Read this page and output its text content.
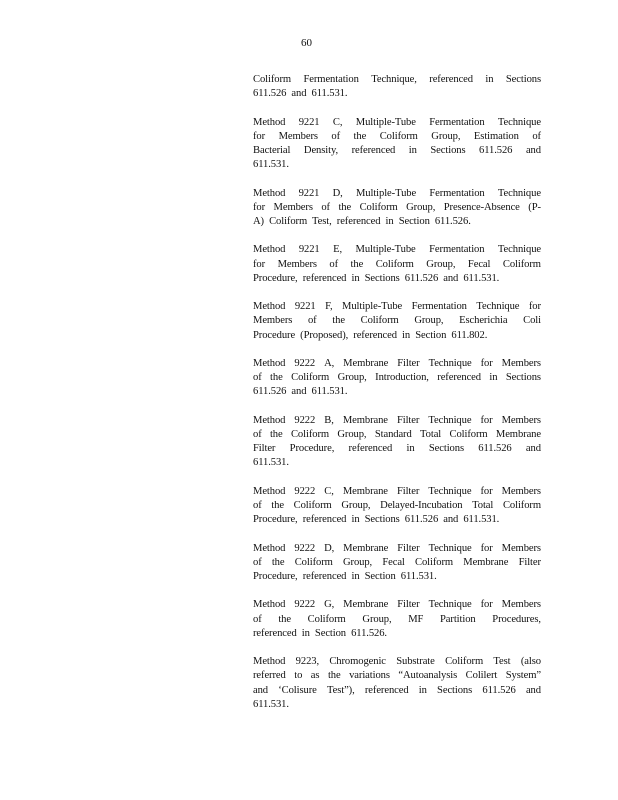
60
Coliform Fermentation Technique, referenced in Sections
611.526  and  611.531.
Method 9221 C, Multiple-Tube Fermentation Technique
for Members of the Coliform Group, Estimation of
Bacterial Density, referenced in Sections 611.526 and
611.531.
Method 9221 D, Multiple-Tube Fermentation Technique
for Members of the Coliform Group, Presence-Absence (P-
A)  Coliform  Test,  referenced  in  Section  611.526.
Method 9221 E, Multiple-Tube Fermentation Technique
for Members of the Coliform Group, Fecal Coliform
Procedure,  referenced  in  Sections  611.526  and  611.531.
Method 9221 F, Multiple-Tube Fermentation Technique for
Members of the Coliform Group, Escherichia Coli
Procedure  (Proposed),  referenced  in  Section  611.802.
Method 9222 A, Membrane Filter Technique for Members
of the Coliform Group, Introduction, referenced in Sections
611.526  and  611.531.
Method 9222 B, Membrane Filter Technique for Members
of the Coliform Group, Standard Total Coliform Membrane
Filter Procedure, referenced in Sections 611.526 and
611.531.
Method 9222 C, Membrane Filter Technique for Members
of the Coliform Group, Delayed-Incubation Total Coliform
Procedure,  referenced  in  Sections  611.526  and  611.531.
Method 9222 D, Membrane Filter Technique for Members
of the Coliform Group, Fecal Coliform Membrane Filter
Procedure,  referenced  in  Section  611.531.
Method 9222 G, Membrane Filter Technique for Members
of the Coliform Group, MF Partition Procedures,
referenced  in  Section  611.526.
Method 9223, Chromogenic Substrate Coliform Test (also
referred to as the variations “Autoanalysis Colilert System”
and ‘Colisure Test”), referenced in Sections 611.526 and
611.531.
